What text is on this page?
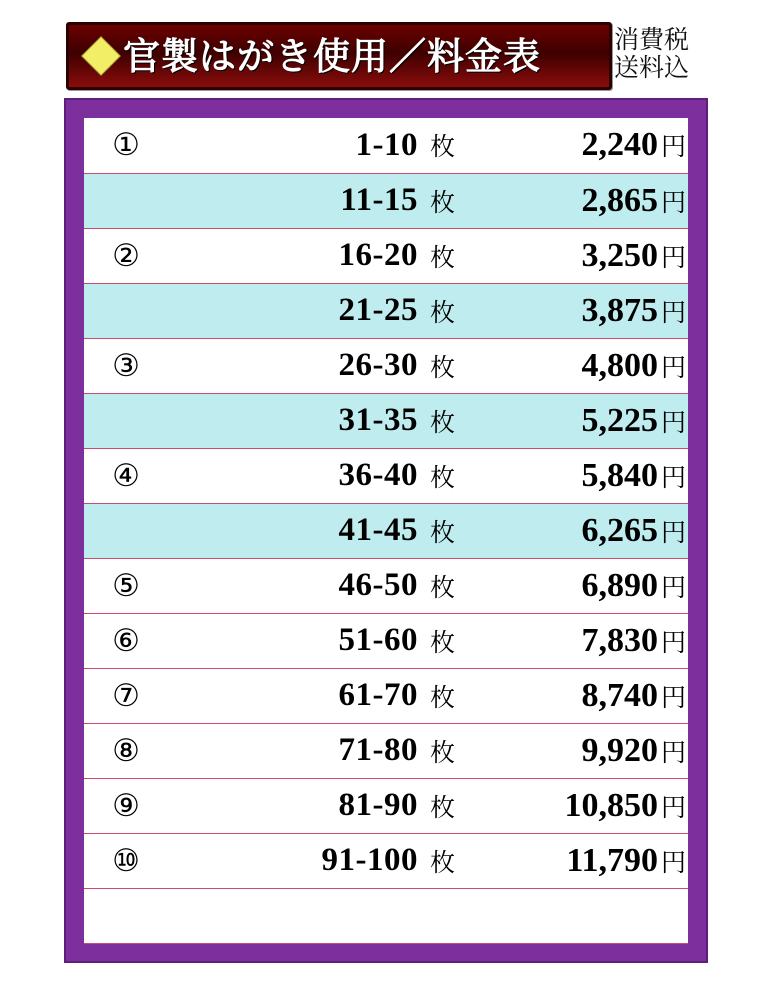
官製はがき使用／料金表	消費税
送料込
①	1-10	枚	2,240 円
	11-15	枚	2,865 円
②	16-20	枚	3,250 円
	21-25	枚	3,875 円
③	26-30	枚	4,800 円
	31-35	枚	5,225 円
④	36-40	枚	5,840 円
	41-45	枚	6,265 円
⑤	46-50	枚	6,890 円
⑥	51-60	枚	7,830 円
⑦	61-70	枚	8,740 円
⑧	71-80	枚	9,920 円
⑨	81-90	枚	10,850 円
⑩	91-100	枚	11,790 円
